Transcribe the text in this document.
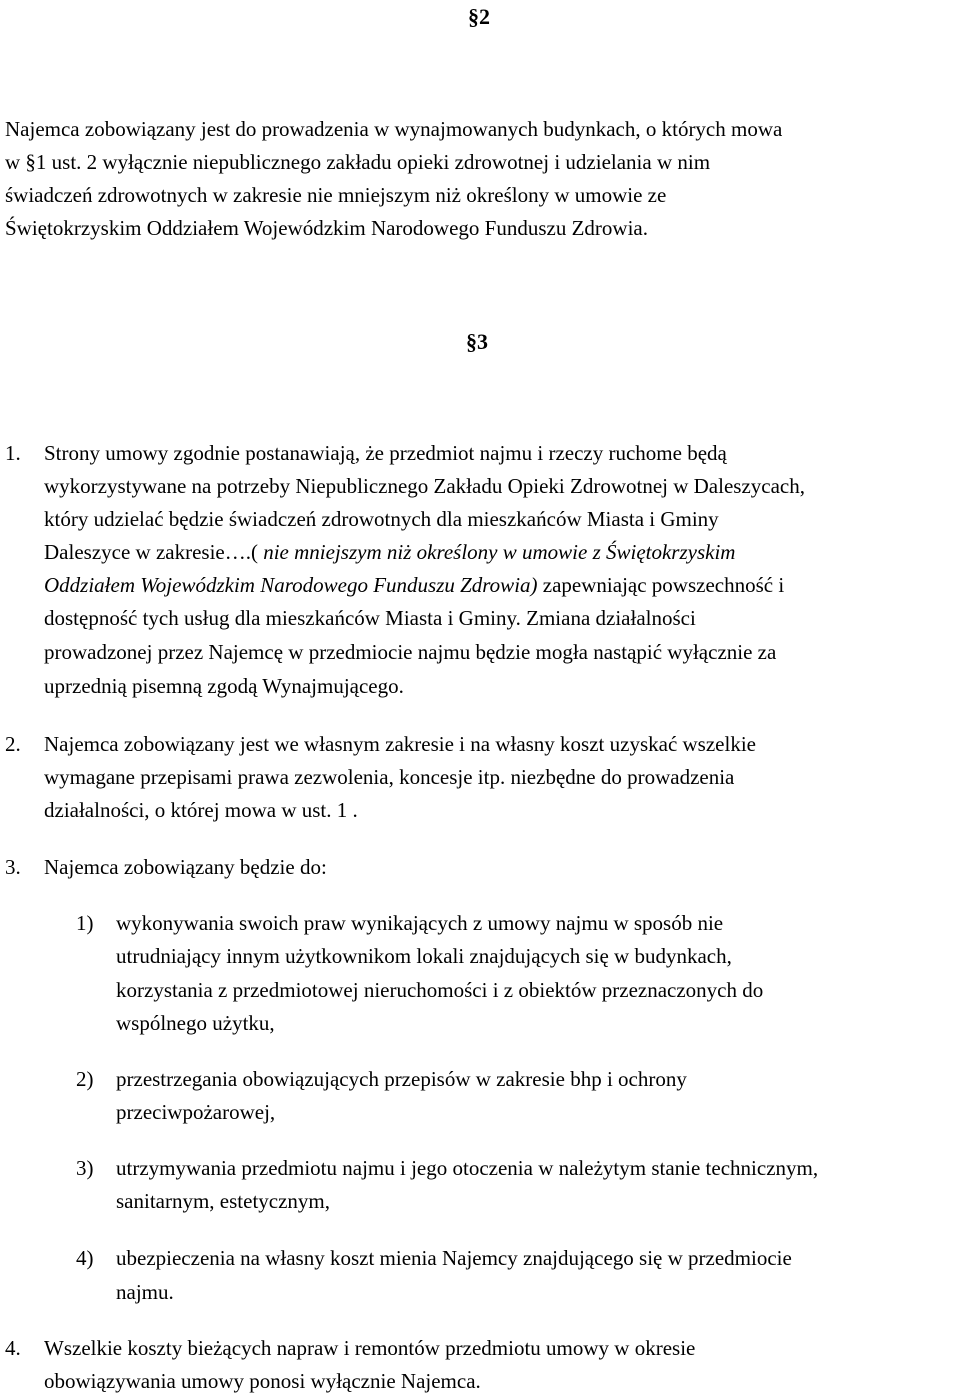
§2
Najemca zobowiązany jest do prowadzenia w wynajmowanych budynkach, o których mowa
w §1 ust. 2 wyłącznie niepublicznego zakładu opieki zdrowotnej i udzielania w nim
świadczeń zdrowotnych w zakresie nie mniejszym niż określony w umowie ze
Świętokrzyskim Oddziałem Wojewódzkim Narodowego Funduszu Zdrowia.
§3
1. Strony umowy zgodnie postanawiają, że przedmiot najmu i rzeczy ruchome będą
wykorzystywane na potrzeby Niepublicznego Zakładu Opieki Zdrowotnej w Daleszycach,
który udzielać będzie świadczeń zdrowotnych dla mieszkańców Miasta i Gminy
Daleszyce w zakresie….( nie mniejszym niż określony w umowie z Świętokrzyskim
Oddziałem Wojewódzkim Narodowego Funduszu Zdrowia) zapewniając powszechność i
dostępność tych usług dla mieszkańców Miasta i Gminy. Zmiana działalności
prowadzonej przez Najemcę w przedmiocie najmu będzie mogła nastąpić wyłącznie za
uprzednią pisemną zgodą Wynajmującego.
2. Najemca zobowiązany jest we własnym zakresie i na własny koszt uzyskać wszelkie
wymagane przepisami prawa zezwolenia, koncesje itp. niezbędne do prowadzenia
działalności, o której mowa w ust. 1 .
3. Najemca zobowiązany będzie do:
1) wykonywania swoich praw wynikających z umowy najmu w sposób nie
utrudniający innym użytkownikom lokali znajdujących się w budynkach,
korzystania z przedmiotowej nieruchomości i z obiektów przeznaczonych do
wspólnego użytku,
2) przestrzegania obowiązujących przepisów w zakresie bhp i ochrony
przeciwpożarowej,
3) utrzymywania przedmiotu najmu i jego otoczenia w należytym stanie technicznym,
sanitarnym, estetycznym,
4) ubezpieczenia na własny koszt mienia Najemcy znajdującego się w przedmiocie
najmu.
4. Wszelkie koszty bieżących napraw i remontów przedmiotu umowy w okresie
obowiązywania umowy ponosi wyłącznie Najemca.
